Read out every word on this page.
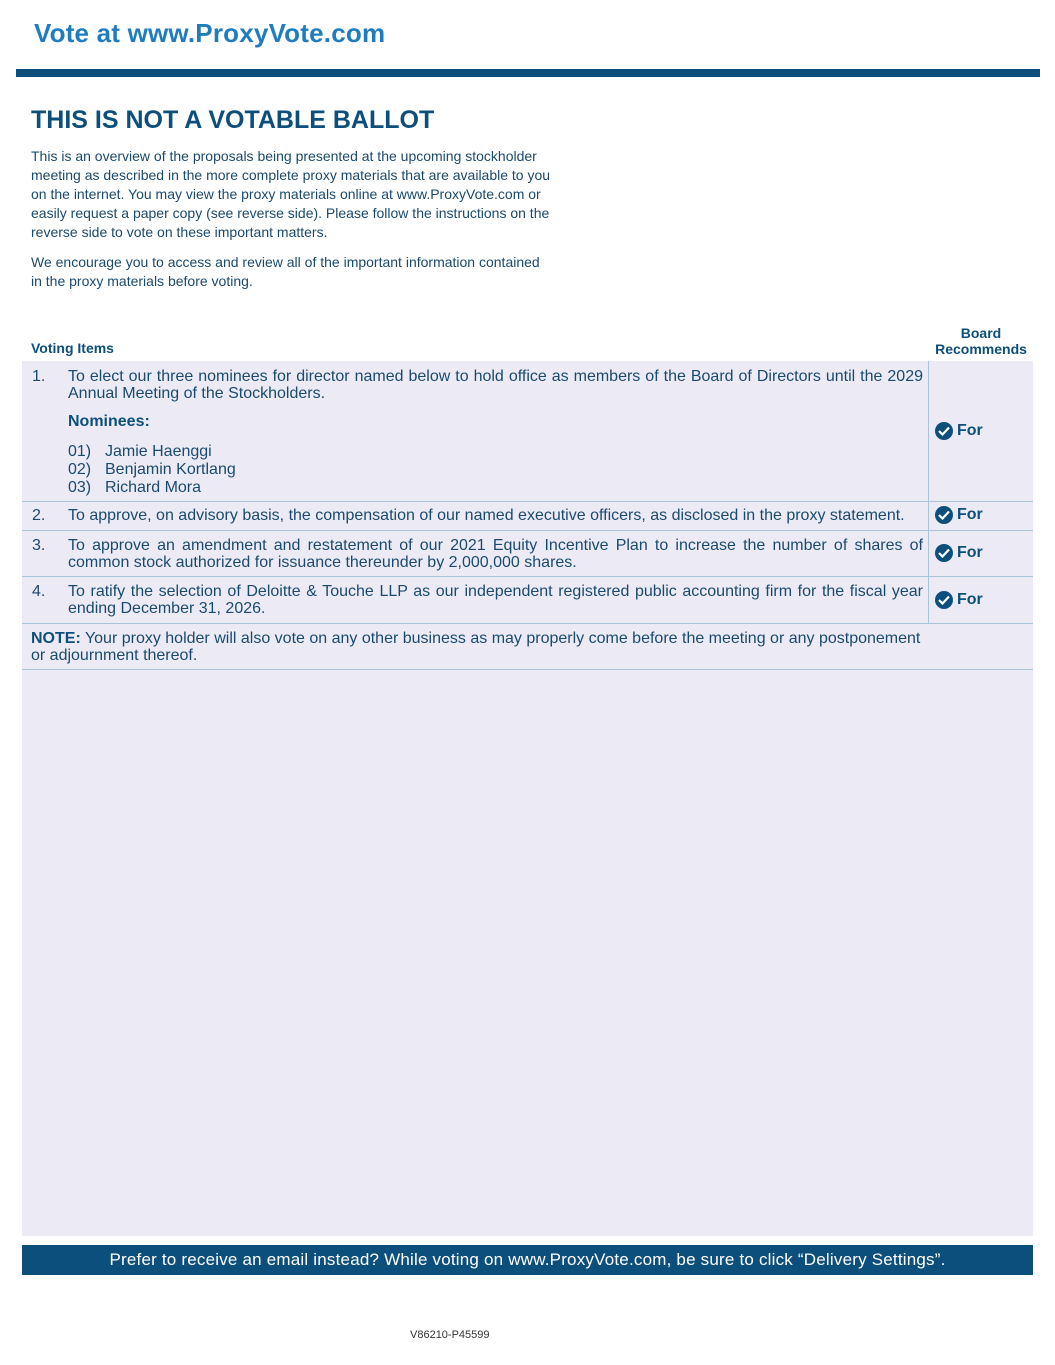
Vote at www.ProxyVote.com
THIS IS NOT A VOTABLE BALLOT

This is an overview of the proposals being presented at the upcoming stockholder meeting as described in the more complete proxy materials that are available to you on the internet. You may view the proxy materials online at www.ProxyVote.com or easily request a paper copy (see reverse side). Please follow the instructions on the reverse side to vote on these important matters.

We encourage you to access and review all of the important information contained in the proxy materials before voting.

Voting Items
Board
Recommends
1. To elect our three nominees for director named below to hold office as members of the Board of Directors until the 2029 Annual Meeting of the Stockholders.
Nominees:
01) Jamie Haenggi
02) Benjamin Kortlang
03) Richard Mora
For
2. To approve, on advisory basis, the compensation of our named executive officers, as disclosed in the proxy statement.	For
3. To approve an amendment and restatement of our 2021 Equity Incentive Plan to increase the number of shares of common stock authorized for issuance thereunder by 2,000,000 shares.
For
4. To ratify the selection of Deloitte & Touche LLP as our independent registered public accounting firm for the fiscal year ending December 31, 2026.
For
NOTE: Your proxy holder will also vote on any other business as may properly come before the meeting or any postponement or adjournment thereof.
Prefer to receive an email instead? While voting on www.ProxyVote.com, be sure to click “Delivery Settings”.
V86210-P45599
